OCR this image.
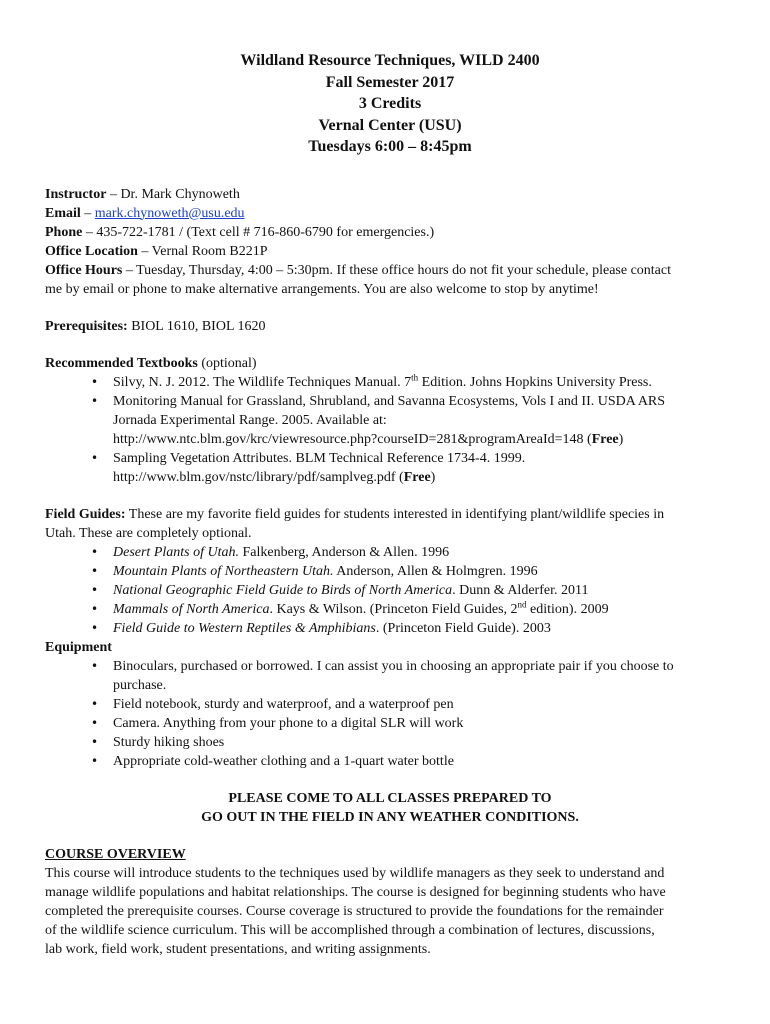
Wildland Resource Techniques, WILD 2400
Fall Semester 2017
3 Credits
Vernal Center (USU)
Tuesdays 6:00 – 8:45pm
Instructor – Dr. Mark Chynoweth
Email – mark.chynoweth@usu.edu
Phone – 435-722-1781 / (Text cell # 716-860-6790 for emergencies.)
Office Location – Vernal Room B221P
Office Hours – Tuesday, Thursday, 4:00 – 5:30pm. If these office hours do not fit your schedule, please contact
me by email or phone to make alternative arrangements. You are also welcome to stop by anytime!
Prerequisites: BIOL 1610, BIOL 1620
Recommended Textbooks (optional)
• Silvy, N. J. 2012. The Wildlife Techniques Manual. 7th Edition. Johns Hopkins University Press.
• Monitoring Manual for Grassland, Shrubland, and Savanna Ecosystems, Vols I and II. USDA ARS
Jornada Experimental Range. 2005. Available at:
http://www.ntc.blm.gov/krc/viewresource.php?courseID=281&programAreaId=148 (Free)
• Sampling Vegetation Attributes. BLM Technical Reference 1734-4. 1999.
http://www.blm.gov/nstc/library/pdf/samplveg.pdf (Free)
Field Guides: These are my favorite field guides for students interested in identifying plant/wildlife species in
Utah. These are completely optional.
• Desert Plants of Utah. Falkenberg, Anderson & Allen. 1996
• Mountain Plants of Northeastern Utah. Anderson, Allen & Holmgren. 1996
• National Geographic Field Guide to Birds of North America. Dunn & Alderfer. 2011
• Mammals of North America. Kays & Wilson. (Princeton Field Guides, 2nd edition). 2009
• Field Guide to Western Reptiles & Amphibians. (Princeton Field Guide). 2003
Equipment
• Binoculars, purchased or borrowed. I can assist you in choosing an appropriate pair if you choose to
purchase.
• Field notebook, sturdy and waterproof, and a waterproof pen
• Camera. Anything from your phone to a digital SLR will work
• Sturdy hiking shoes
• Appropriate cold-weather clothing and a 1-quart water bottle
PLEASE COME TO ALL CLASSES PREPARED TO
GO OUT IN THE FIELD IN ANY WEATHER CONDITIONS.
COURSE OVERVIEW
This course will introduce students to the techniques used by wildlife managers as they seek to understand and
manage wildlife populations and habitat relationships. The course is designed for beginning students who have
completed the prerequisite courses. Course coverage is structured to provide the foundations for the remainder
of the wildlife science curriculum. This will be accomplished through a combination of lectures, discussions,
lab work, field work, student presentations, and writing assignments.
